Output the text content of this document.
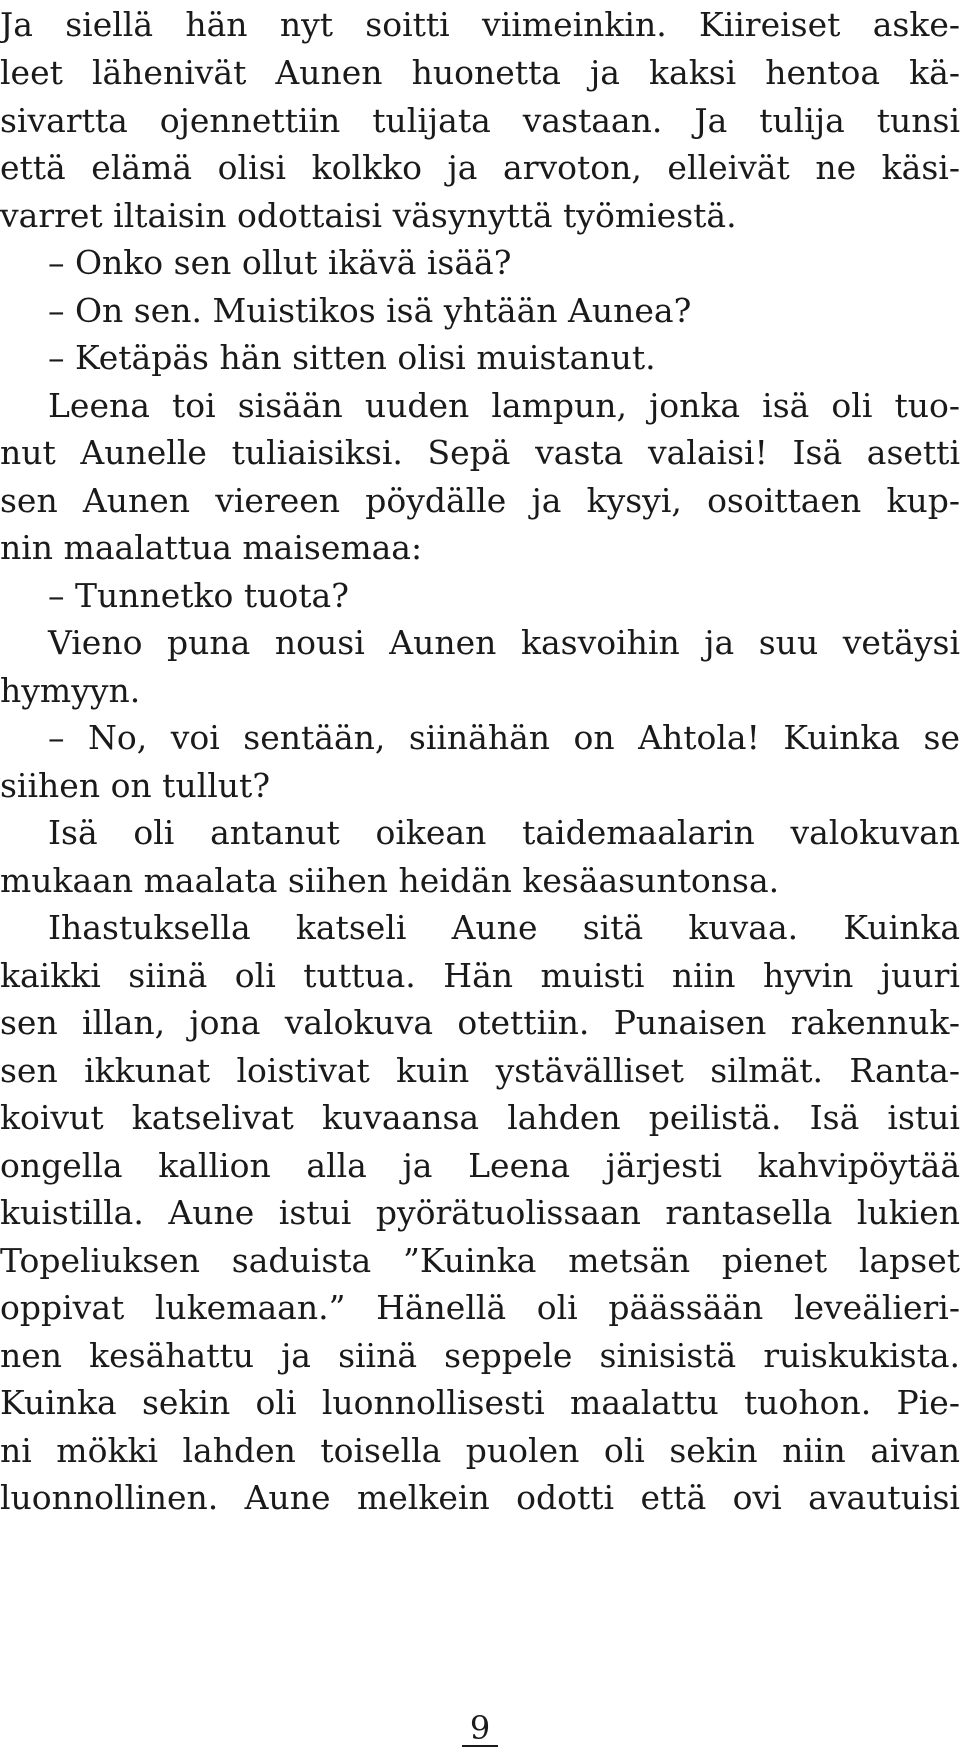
Ja siellä hän nyt soitti viimeinkin. Kiireiset aske-
leet lähenivät Aunen huonetta ja kaksi hentoa kä-
sivartta ojennettiin tulijata vastaan. Ja tulija tunsi
että elämä olisi kolkko ja arvoton, elleivät ne käsi-
varret iltaisin odottaisi väsynyttä työmiestä.
– Onko sen ollut ikävä isää?
– On sen. Muistikos isä yhtään Aunea?
– Ketäpäs hän sitten olisi muistanut.
Leena toi sisään uuden lampun, jonka isä oli tuo-
nut Aunelle tuliaisiksi. Sepä vasta valaisi! Isä asetti
sen Aunen viereen pöydälle ja kysyi, osoittaen kup-
nin maalattua maisemaa:
– Tunnetko tuota?
Vieno puna nousi Aunen kasvoihin ja suu vetäysi
hymyyn.
– No, voi sentään, siinähän on Ahtola! Kuinka se
siihen on tullut?
Isä oli antanut oikean taidemaalarin valokuvan
mukaan maalata siihen heidän kesäasuntonsa.
Ihastuksella katseli Aune sitä kuvaa. Kuinka
kaikki siinä oli tuttua. Hän muisti niin hyvin juuri
sen illan, jona valokuva otettiin. Punaisen rakennuk-
sen ikkunat loistivat kuin ystävälliset silmät. Ranta-
koivut katselivat kuvaansa lahden peilistä. Isä istui
ongella kallion alla ja Leena järjesti kahvipöytää
kuistilla. Aune istui pyörätuolissaan rantasella lukien
Topeliuksen saduista ”Kuinka metsän pienet lapset
oppivat lukemaan.” Hänellä oli päässään leveälieri-
nen kesähattu ja siinä seppele sinisistä ruiskukista.
Kuinka sekin oli luonnollisesti maalattu tuohon. Pie-
ni mökki lahden toisella puolen oli sekin niin aivan
luonnollinen. Aune melkein odotti että ovi avautuisi
9
